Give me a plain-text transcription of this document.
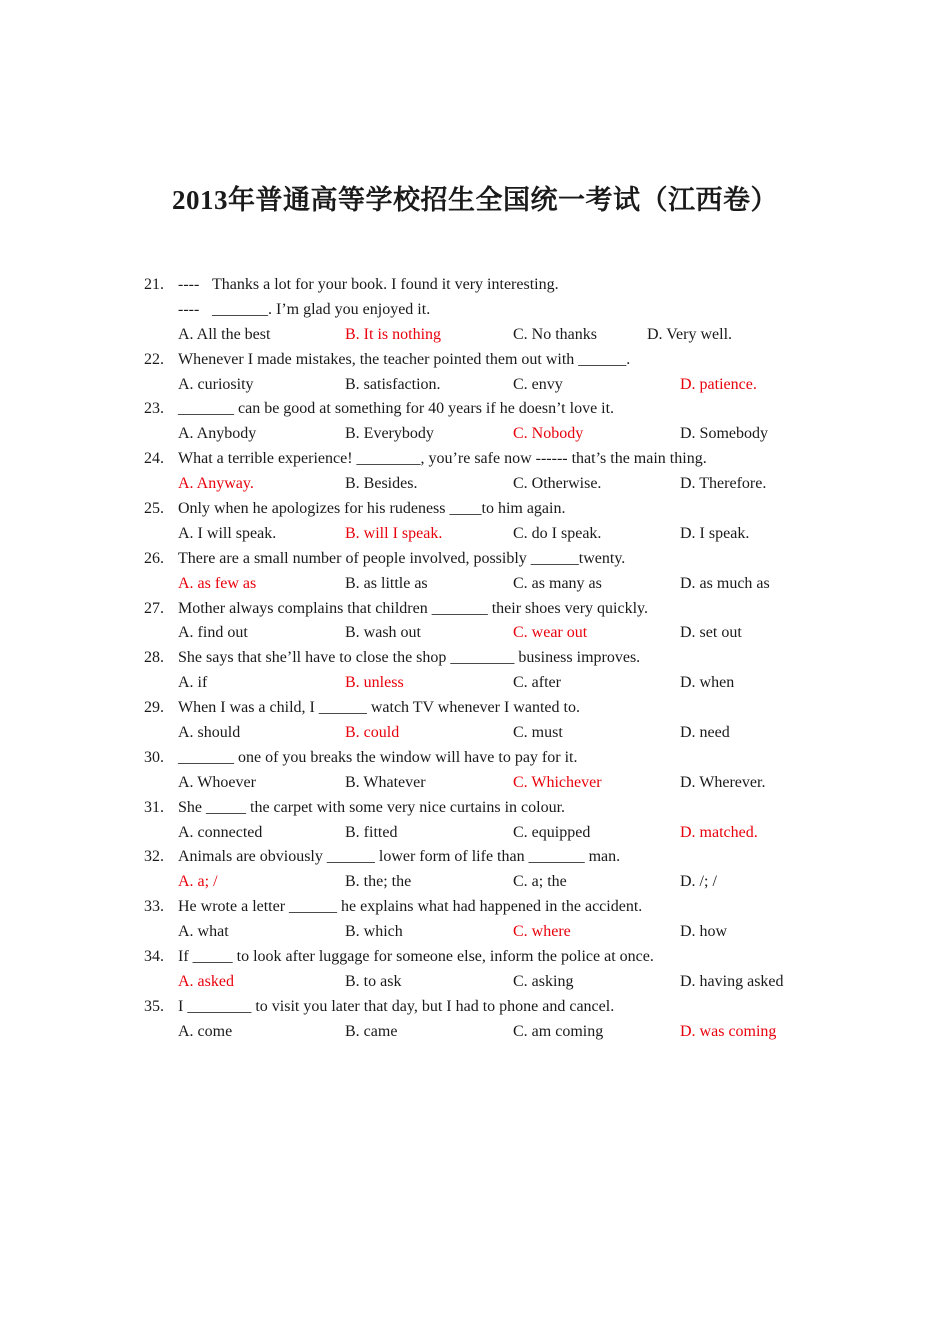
2013年普通高等学校招生全国统一考试（江西卷）
21. ---- Thanks a lot for your book. I found it very interesting.
---- _______. I’m glad you enjoyed it.
A. All the best	B. It is nothing	C. No thanks	D. Very well.
22. Whenever I made mistakes, the teacher pointed them out with ______.
A. curiosity	B. satisfaction.	C. envy	D. patience.
23. _______ can be good at something for 40 years if he doesn’t love it.
A. Anybody	B. Everybody	C. Nobody	D. Somebody
24. What a terrible experience! ________, you’re safe now ------ that’s the main thing.
A. Anyway.	B. Besides.	C. Otherwise.	D. Therefore.
25. Only when he apologizes for his rudeness ____to him again.
A. I will speak.	B. will I speak.	C. do I speak.	D. I speak.
26. There are a small number of people involved, possibly ______twenty.
A. as few as	B. as little as	C. as many as	D. as much as
27. Mother always complains that children _______ their shoes very quickly.
A. find out	B. wash out	C. wear out	D. set out
28. She says that she’ll have to close the shop ________ business improves.
A. if	B. unless	C. after	D. when
29. When I was a child, I ______ watch TV whenever I wanted to.
A. should	B. could	C. must	D. need
30. _______ one of you breaks the window will have to pay for it.
A. Whoever	B. Whatever	C. Whichever	D. Wherever.
31. She _____ the carpet with some very nice curtains in colour.
A. connected	B. fitted	C. equipped	D. matched.
32. Animals are obviously ______ lower form of life than _______ man.
A. a; /	B. the; the	C. a; the	D. /; /
33. He wrote a letter ______ he explains what had happened in the accident.
A. what	B. which	C. where	D. how
34. If _____ to look after luggage for someone else, inform the police at once.
A. asked	B. to ask	C. asking	D. having asked
35. I ________ to visit you later that day, but I had to phone and cancel.
A. come	B. came	C. am coming	D. was coming
